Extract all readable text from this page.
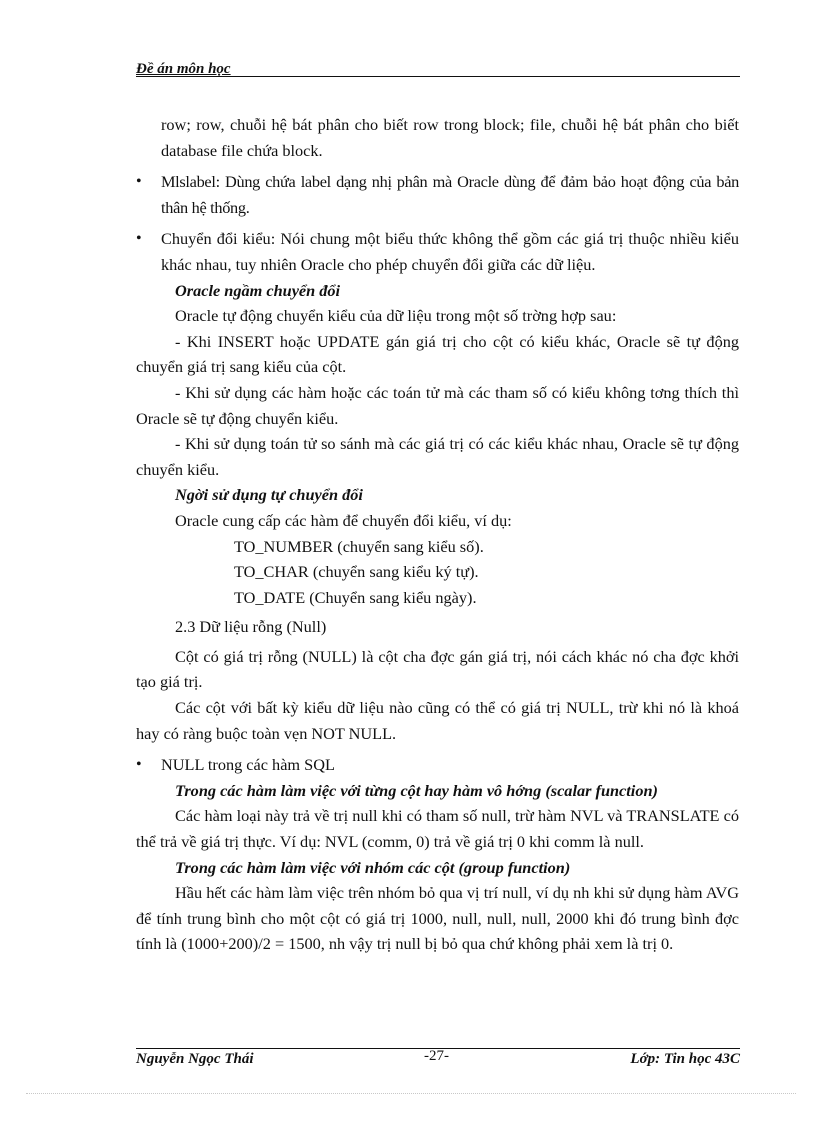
Đề án môn học

row; row, chuỗi hệ bát phân cho biết row trong block; file, chuỗi hệ bát phân cho biết database file chứa block.

• Mlslabel: Dùng chứa label dạng nhị phân mà Oracle dùng để đảm bảo hoạt động của bản thân hệ thống.

• Chuyển đổi kiểu: Nói chung một biểu thức không thể gồm các giá trị thuộc nhiều kiểu khác nhau, tuy nhiên Oracle cho phép chuyển đổi giữa các dữ liệu.

Oracle ngầm chuyển đổi

Oracle tự động chuyển kiểu của dữ liệu trong một số trờng hợp sau:

- Khi INSERT hoặc UPDATE gán giá trị cho cột có kiểu khác, Oracle sẽ tự động chuyển giá trị sang kiểu của cột.

- Khi sử dụng các hàm hoặc các toán tử mà các tham số có kiểu không tơng thích thì Oracle sẽ tự động chuyển kiểu.

- Khi sử dụng toán tử so sánh mà các giá trị có các kiểu khác nhau, Oracle sẽ tự động chuyển kiểu.

Ngời sử dụng tự chuyển đổi

Oracle cung cấp các hàm để chuyển đổi kiểu, ví dụ:

TO_NUMBER (chuyển sang kiểu số).

TO_CHAR (chuyển sang kiểu ký tự).

TO_DATE (Chuyển sang kiểu ngày).

2.3 Dữ liệu rỗng (Null)

Cột có giá trị rỗng (NULL) là cột cha đợc gán giá trị, nói cách khác nó cha đợc khởi tạo giá trị.

Các cột với bất kỳ kiểu dữ liệu nào cũng có thể có giá trị NULL, trừ khi nó là khoá hay có ràng buộc toàn vẹn NOT NULL.

• NULL trong các hàm SQL

Trong các hàm làm việc với từng cột hay hàm vô hớng (scalar function)

Các hàm loại này trả về trị null khi có tham số null, trừ hàm NVL và TRANSLATE có thể trả về giá trị thực. Ví dụ: NVL (comm, 0) trả về giá trị 0 khi comm là null.

Trong các hàm làm việc với nhóm các cột (group function)

Hầu hết các hàm làm việc trên nhóm bỏ qua vị trí null, ví dụ nh khi sử dụng hàm AVG để tính trung bình cho một cột có giá trị 1000, null, null, null, 2000 khi đó trung bình đợc tính là (1000+200)/2 = 1500, nh vậy trị null bị bỏ qua chứ không phải xem là trị 0.

Nguyễn Ngọc Thái	-27-	Lớp: Tin học 43C
